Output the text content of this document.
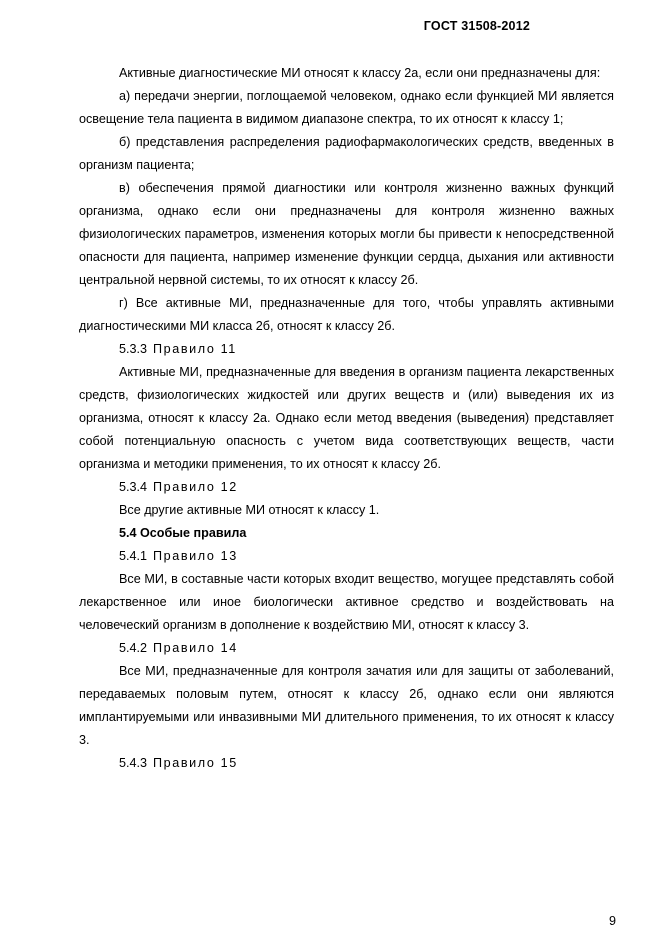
ГОСТ 31508-2012

Активные диагностические МИ относят к классу 2а, если они предназначены для:

а) передачи энергии, поглощаемой человеком, однако если функцией МИ является освещение тела пациента в видимом диапазоне спектра, то их относят к классу 1;

б) представления распределения радиофармакологических средств, введенных в организм пациента;

в) обеспечения прямой диагностики или контроля жизненно важных функций организма, однако если они предназначены для контроля жизненно важных физиологических параметров, изменения которых могли бы привести к непосредственной опасности для пациента, например изменение функции сердца, дыхания или активности центральной нервной системы, то их относят к классу 2б.

г) Все активные МИ, предназначенные для того, чтобы управлять активными диагностическими МИ класса 2б, относят к классу 2б.

5.3.3 Правило 11

Активные МИ, предназначенные для введения в организм пациента лекарственных средств, физиологических жидкостей или других веществ и (или) выведения их из организма, относят к классу 2а. Однако если метод введения (выведения) представляет собой потенциальную опасность с учетом вида соответствующих веществ, части организма и методики применения, то их относят к классу 2б.

5.3.4 Правило 12

Все другие активные МИ относят к классу 1.

5.4 Особые правила

5.4.1 Правило 13

Все МИ, в составные части которых входит вещество, могущее представлять собой лекарственное или иное биологически активное средство и воздействовать на человеческий организм в дополнение к воздействию МИ, относят к классу 3.

5.4.2 Правило 14

Все МИ, предназначенные для контроля зачатия или для защиты от заболеваний, передаваемых половым путем, относят к классу 2б, однако если они являются имплантируемыми или инвазивными МИ длительного применения, то их относят к классу 3.

5.4.3 Правило 15

9
